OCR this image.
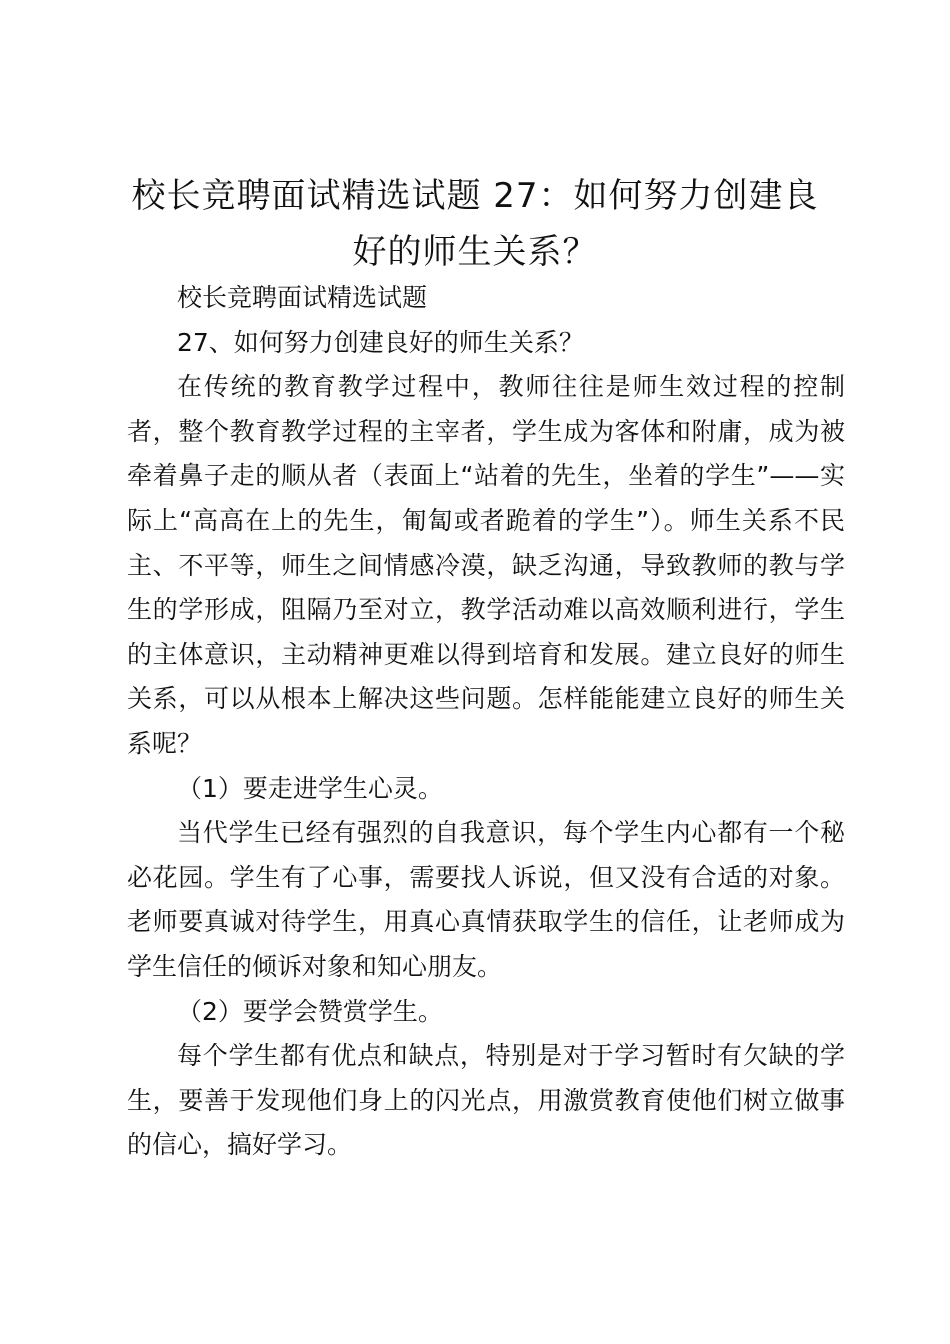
校长竞聘面试精选试题 27：如何努力创建良好的师生关系？

校长竞聘面试精选试题

27、如何努力创建良好的师生关系？

在传统的教育教学过程中，教师往往是师生效过程的控制者，整个教育教学过程的主宰者，学生成为客体和附庸，成为被牵着鼻子走的顺从者（表面上“站着的先生，坐着的学生”——实际上“高高在上的先生，匍匐或者跪着的学生”）。师生关系不民主、不平等，师生之间情感冷漠，缺乏沟通，导致教师的教与学生的学形成，阻隔乃至对立，教学活动难以高效顺利进行，学生的主体意识，主动精神更难以得到培育和发展。建立良好的师生关系，可以从根本上解决这些问题。怎样能能建立良好的师生关系呢？

（1）要走进学生心灵。

当代学生已经有强烈的自我意识，每个学生内心都有一个秘必花园。学生有了心事，需要找人诉说，但又没有合适的对象。老师要真诚对待学生，用真心真情获取学生的信任，让老师成为学生信任的倾诉对象和知心朋友。

（2）要学会赞赏学生。

每个学生都有优点和缺点，特别是对于学习暂时有欠缺的学生，要善于发现他们身上的闪光点，用激赏教育使他们树立做事的信心，搞好学习。
